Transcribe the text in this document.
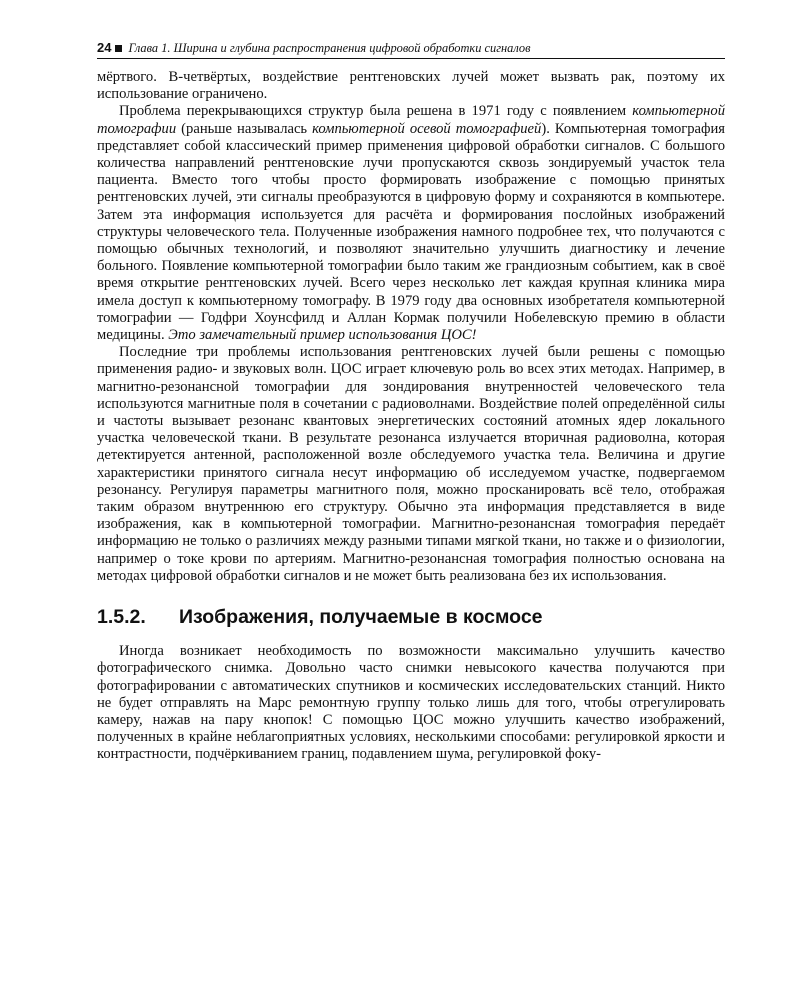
24 Глава 1. Ширина и глубина распространения цифровой обработки сигналов

мёртвого. В-четвёртых, воздействие рентгеновских лучей может вызвать рак, поэтому их использование ограничено.

Проблема перекрывающихся структур была решена в 1971 году с появлением компьютерной томографии (раньше называлась компьютерной осевой томографией). Компьютерная томография представляет собой классический пример применения цифровой обработки сигналов. С большого количества направлений рентгеновские лучи пропускаются сквозь зондируемый участок тела пациента. Вместо того чтобы просто формировать изображение с помощью принятых рентгеновских лучей, эти сигналы преобразуются в цифровую форму и сохраняются в компьютере. Затем эта информация используется для расчёта и формирования послойных изображений структуры человеческого тела. Полученные изображения намного подробнее тех, что получаются с помощью обычных технологий, и позволяют значительно улучшить диагностику и лечение больного. Появление компьютерной томографии было таким же грандиозным событием, как в своё время открытие рентгеновских лучей. Всего через несколько лет каждая крупная клиника мира имела доступ к компьютерному томографу. В 1979 году два основных изобретателя компьютерной томографии — Годфри Хоунсфилд и Аллан Кормак получили Нобелевскую премию в области медицины. Это замечательный пример использования ЦОС!

Последние три проблемы использования рентгеновских лучей были решены с помощью применения радио- и звуковых волн. ЦОС играет ключевую роль во всех этих методах. Например, в магнитно-резонансной томографии для зондирования внутренностей человеческого тела используются магнитные поля в сочетании с радиоволнами. Воздействие полей определённой силы и частоты вызывает резонанс квантовых энергетических состояний атомных ядер локального участка человеческой ткани. В результате резонанса излучается вторичная радиоволна, которая детектируется антенной, расположенной возле обследуемого участка тела. Величина и другие характеристики принятого сигнала несут информацию об исследуемом участке, подвергаемом резонансу. Регулируя параметры магнитного поля, можно просканировать всё тело, отображая таким образом внутреннюю его структуру. Обычно эта информация представляется в виде изображения, как в компьютерной томографии. Магнитно-резонансная томография передаёт информацию не только о различиях между разными типами мягкой ткани, но также и о физиологии, например о токе крови по артериям. Магнитно-резонансная томография полностью основана на методах цифровой обработки сигналов и не может быть реализована без их использования.

1.5.2. Изображения, получаемые в космосе

Иногда возникает необходимость по возможности максимально улучшить качество фотографического снимка. Довольно часто снимки невысокого качества получаются при фотографировании с автоматических спутников и космических исследовательских станций. Никто не будет отправлять на Марс ремонтную группу только лишь для того, чтобы отрегулировать камеру, нажав на пару кнопок! С помощью ЦОС можно улучшить качество изображений, полученных в крайне неблагоприятных условиях, несколькими способами: регулировкой яркости и контрастности, подчёркиванием границ, подавлением шума, регулировкой фоку-
